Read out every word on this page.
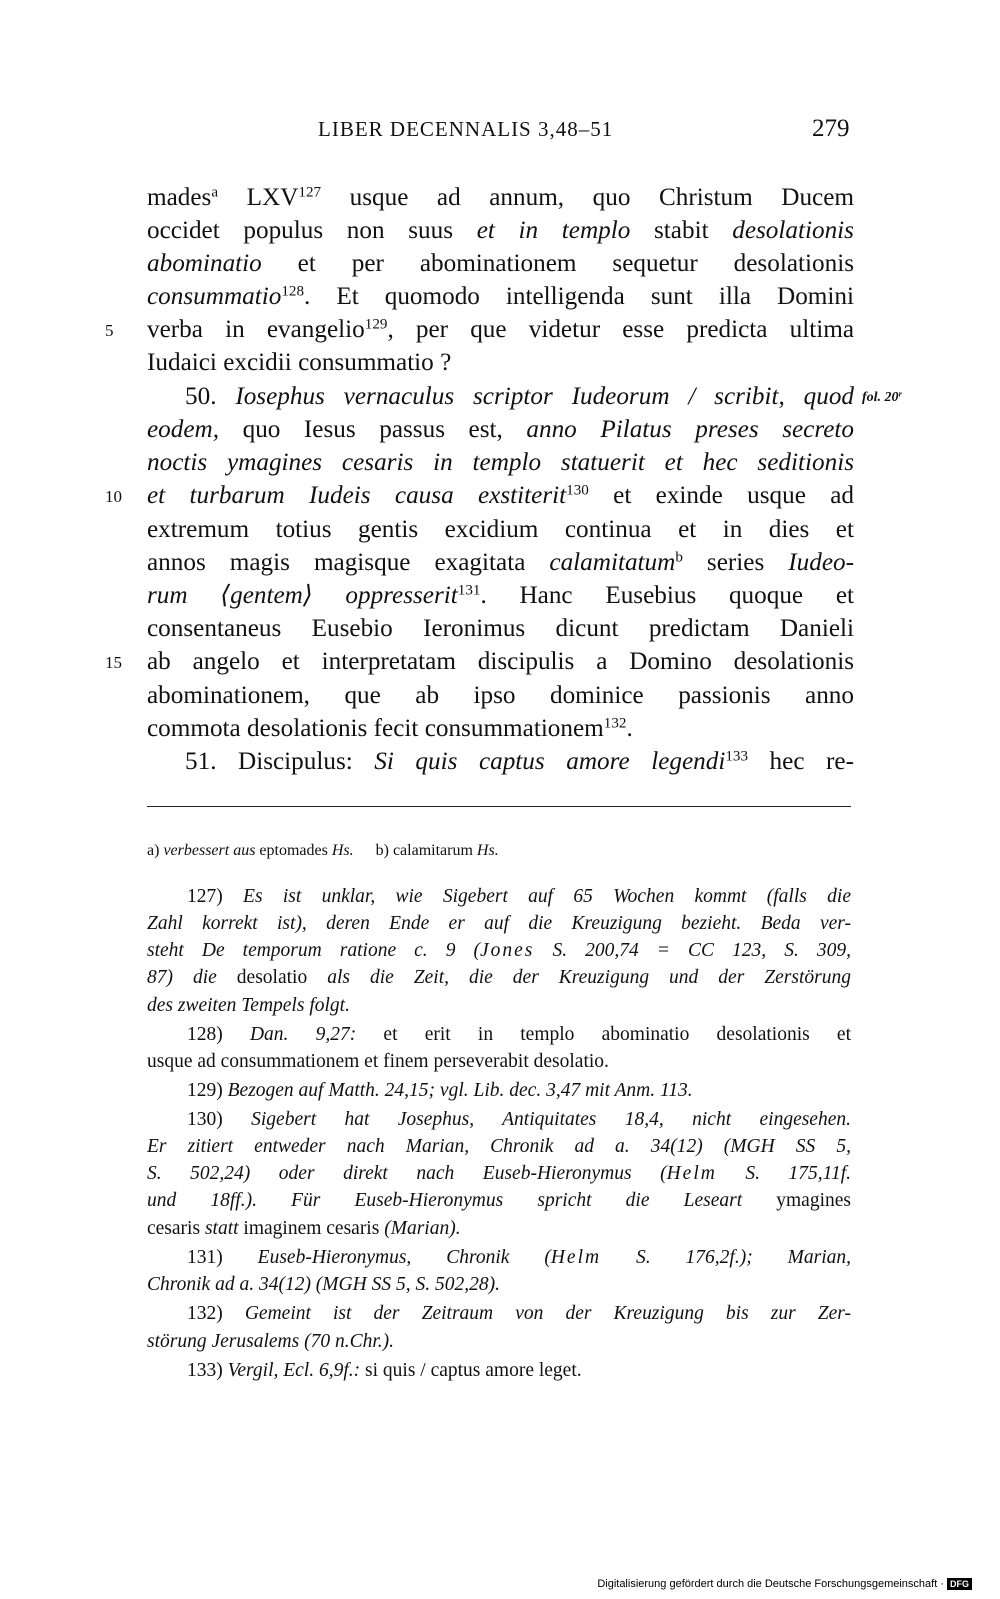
LIBER DECENNALIS 3,48–51	279
5
10
15
fol. 20$^r$
mades$^a$ LXV$^{127}$ usque ad annum, quo Christum Ducem
occidet populus non suus et in templo stabit desolationis
abominatio et per abominationem sequetur desolationis
consummatio$^{128}$. Et quomodo intelligenda sunt illa Domini
verba in evangelio$^{129}$, per que videtur esse predicta ultima
Iudaici excidii consummatio ?
50. Iosephus vernaculus scriptor Iudeorum / scribit, quod
eodem, quo Iesus passus est, anno Pilatus preses secreto
noctis ymagines cesaris in templo statuerit et hec seditionis
et turbarum Iudeis causa exstiterit$^{130}$ et exinde usque ad
extremum totius gentis excidium continua et in dies et
annos magis magisque exagitata calamitatum$^b$ series Iudeo-
rum ⟨gentem⟩ oppresserit$^{131}$. Hanc Eusebius quoque et
consentaneus Eusebio Ieronimus dicunt predictam Danieli
ab angelo et interpretatam discipulis a Domino desolationis
abominationem, que ab ipso dominice passionis anno
commota desolationis fecit consummationem$^{132}$.
51. Discipulus: Si quis captus amore legendi$^{133}$ hec re-
a) verbessert aus eptomades Hs. b) calamitarum Hs.
127) Es ist unklar, wie Sigebert auf 65 Wochen kommt (falls die
Zahl korrekt ist), deren Ende er auf die Kreuzigung bezieht. Beda ver-
steht De temporum ratione c. 9 (Jones S. 200,74 = CC 123, S. 309,
87) die desolatio als die Zeit, die der Kreuzigung und der Zerstörung
des zweiten Tempels folgt.
128) Dan. 9,27: et erit in templo abominatio desolationis et
usque ad consummationem et finem perseverabit desolatio.
129) Bezogen auf Matth. 24,15; vgl. Lib. dec. 3,47 mit Anm. 113.
130) Sigebert hat Josephus, Antiquitates 18,4, nicht eingesehen.
Er zitiert entweder nach Marian, Chronik ad a. 34(12) (MGH SS 5,
S. 502,24) oder direkt nach Euseb-Hieronymus (Helm S. 175,11f.
und 18ff.). Für Euseb-Hieronymus spricht die Leseart ymagines
cesaris statt imaginem cesaris (Marian).
131) Euseb-Hieronymus, Chronik (Helm S. 176,2f.); Marian,
Chronik ad a. 34(12) (MGH SS 5, S. 502,28).
132) Gemeint ist der Zeitraum von der Kreuzigung bis zur Zer-
störung Jerusalems (70 n.Chr.).
133) Vergil, Ecl. 6,9f.: si quis / captus amore leget.
Digitalisierung gefördert durch die Deutsche Forschungsgemeinschaft · DFG
